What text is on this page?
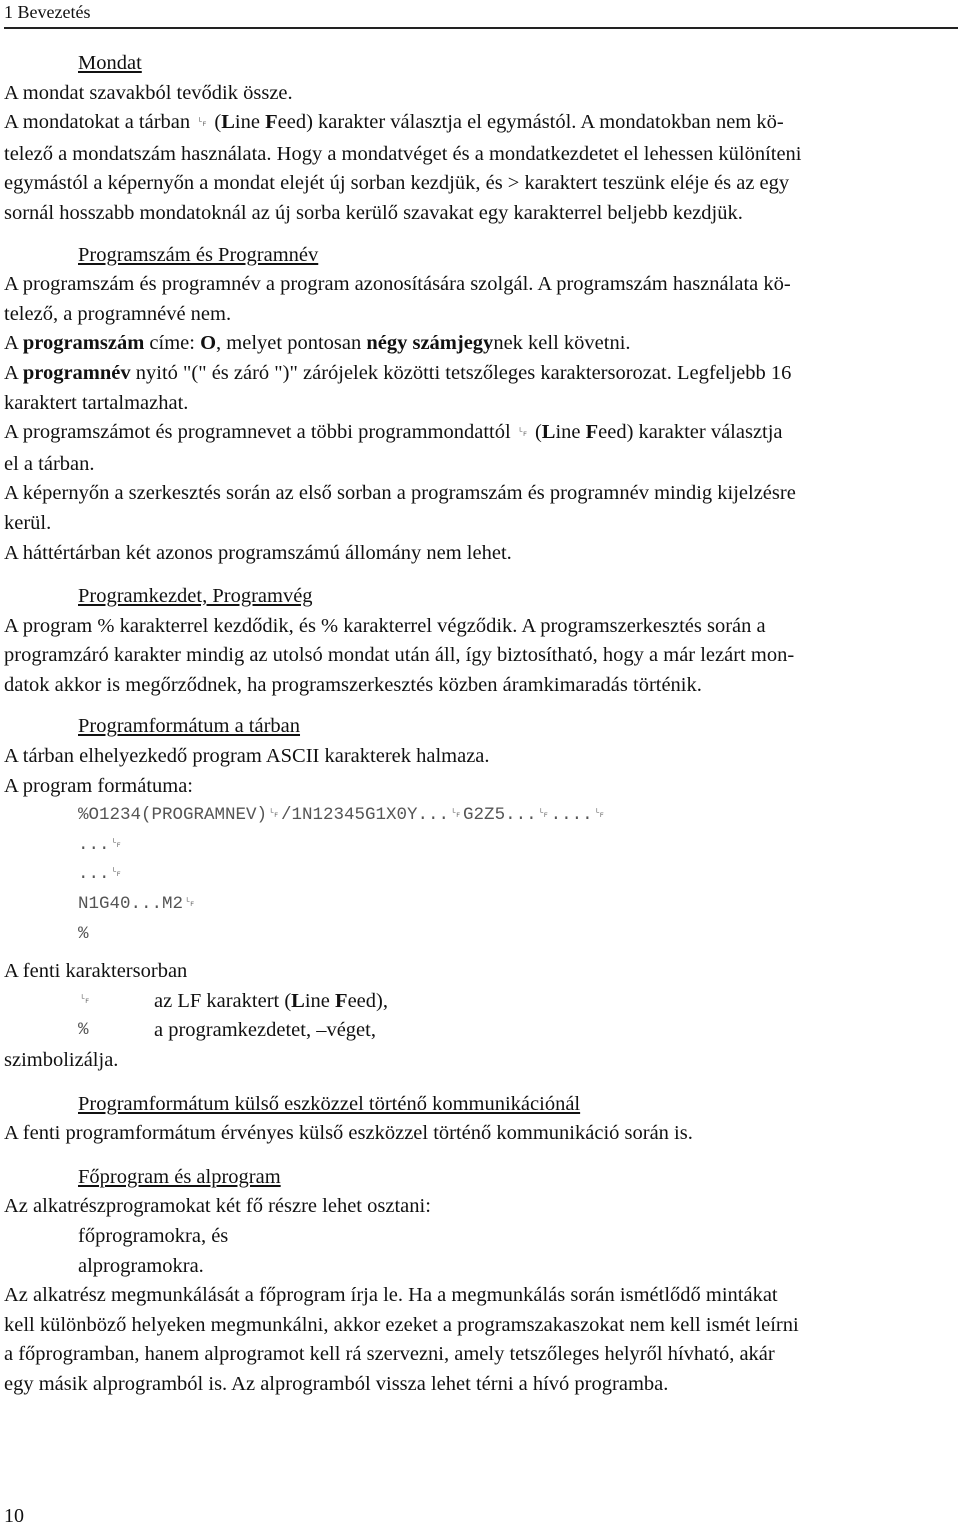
1 Bevezetés

Mondat

A mondat szavakból tevődik össze.

A mondatokat a tárban ␊ (Line Feed) karakter választja el egymástól. A mondatokban nem kö-

telező a mondatszám használata. Hogy a mondatvéget és a mondatkezdetet el lehessen különíteni

egymástól a képernyőn a mondat elejét új sorban kezdjük, és > karaktert teszünk eléje és az egy

sornál hosszabb mondatoknál az új sorba kerülő szavakat egy karakterrel beljebb kezdjük.

Programszám és Programnév

A programszám és programnév a program azonosítására szolgál. A programszám használata kö-

telező, a programnévé nem.

A programszám címe: O, melyet pontosan négy számjegynek kell követni.

A programnév nyitó "(" és záró ")" zárójelek közötti tetszőleges karaktersorozat. Legfeljebb 16

karaktert tartalmazhat.

A programszámot és programnevet a többi programmondattól ␊ (Line Feed) karakter választja

el a tárban.

A képernyőn a szerkesztés során az első sorban a programszám és programnév mindig kijelzésre

kerül.

A háttértárban két azonos programszámú állomány nem lehet.

Programkezdet, Programvég

A program % karakterrel kezdődik, és % karakterrel végződik. A programszerkesztés során a

programzáró karakter mindig az utolsó mondat után áll, így biztosítható, hogy a már lezárt mon-

datok akkor is megőrződnek, ha programszerkesztés közben áramkimaradás történik.

Programformátum a tárban

A tárban elhelyezkedő program ASCII karakterek halmaza.

A program formátuma:

%O1234(PROGRAMNEV)␊/1N12345G1X0Y...␊G2Z5...␊....␊

...␊

...␊

N1G40...M2␊

%

A fenti karaktersorban

␊	az LF karaktert (Line Feed),
%	a programkezdetet, –véget,

szimbolizálja.

Programformátum külső eszközzel történő kommunikációnál

A fenti programformátum érvényes külső eszközzel történő kommunikáció során is.

Főprogram és alprogram

Az alkatrészprogramokat két fő részre lehet osztani:

főprogramokra, és

alprogramokra.

Az alkatrész megmunkálását a főprogram írja le. Ha a megmunkálás során ismétlődő mintákat

kell különböző helyeken megmunkálni, akkor ezeket a programszakaszokat nem kell ismét leírni

a főprogramban, hanem alprogramot kell rá szervezni, amely tetszőleges helyről hívható, akár

egy másik alprogramból is. Az alprogramból vissza lehet térni a hívó programba.

10
